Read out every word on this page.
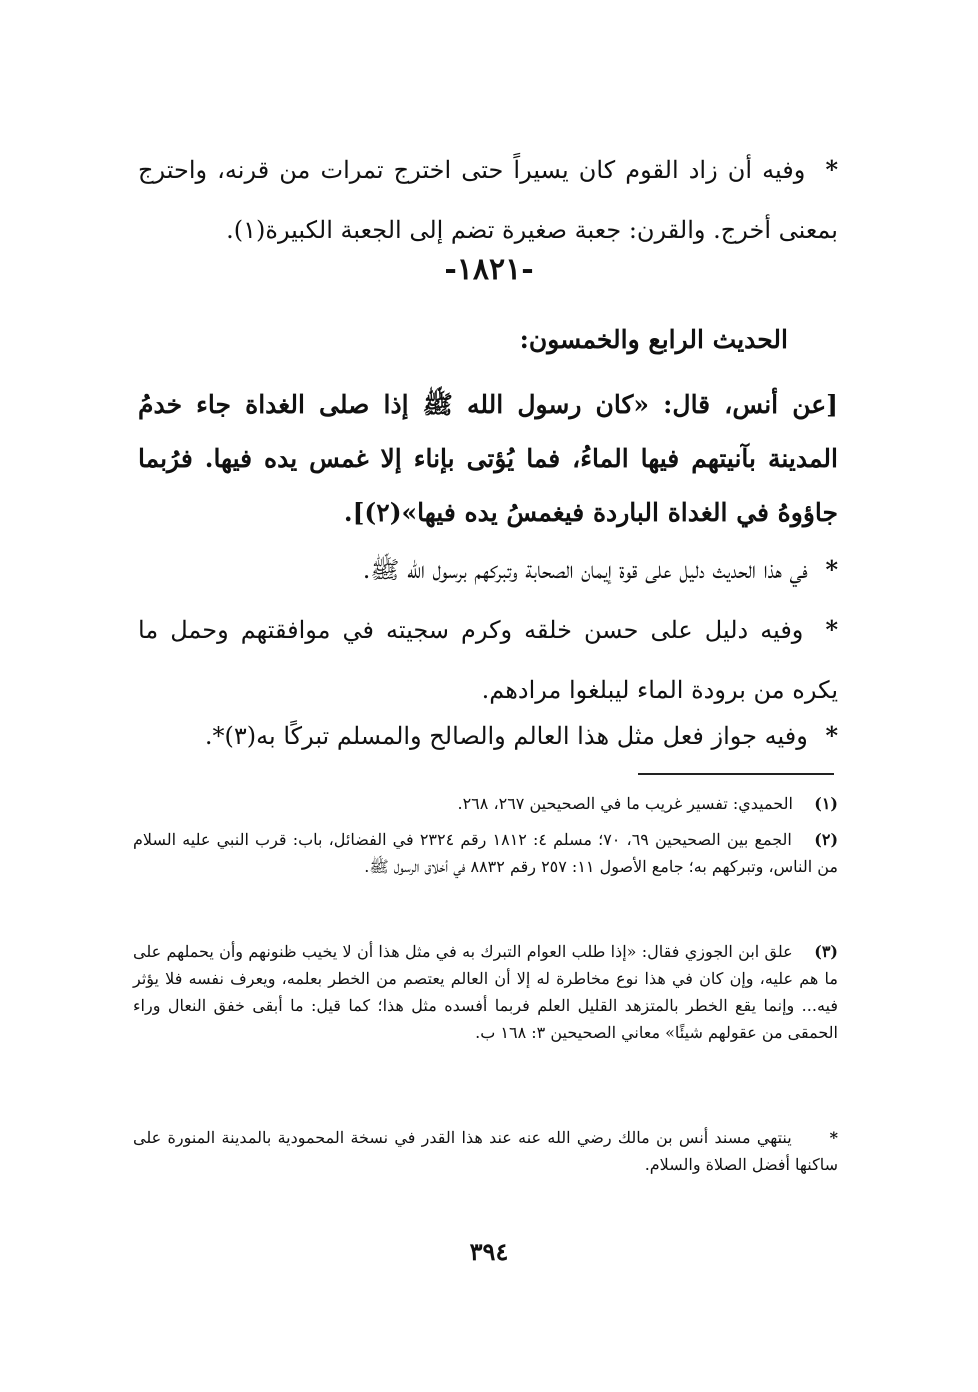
* وفيه أن زاد القوم كان يسيراً حتى اخترج تمرات من قرنه، واحترج بمعنى أخرج. والقرن: جعبة صغيرة تضم إلى الجعبة الكبيرة(١).
-١٨٢١-
الحديث الرابع والخمسون:
[عن أنس، قال: «كان رسول الله ﷺ إذا صلى الغداة جاء خدمُ المدينة بآنيتهم فيها الماءُ، فما يُؤتى بإناء إلا غمس يده فيها. فرُبما جاؤوهُ في الغداة الباردة فيغمسُ يده فيها»(٢)].
* في هذا الحديث دليل على قوة إيمان الصحابة وتبركهم برسول الله ﷺ.
* وفيه دليل على حسن خلقه وكرم سجيته في موافقتهم وحمل ما يكره من برودة الماء ليبلغوا مرادهم.
* وفيه جواز فعل مثل هذا العالم والصالح والمسلم تبركًا به(٣)*.
(١) الحميدي: تفسير غريب ما في الصحيحين ٢٦٧، ٢٦٨.
(٢) الجمع بين الصحيحين ٦٩، ٧٠؛ مسلم ٤: ١٨١٢ رقم ٢٣٢٤ في الفضائل، باب: قرب النبي عليه السلام من الناس، وتبركهم به؛ جامع الأصول ١١: ٢٥٧ رقم ٨٨٣٢ في أخلاق الرسول ﷺ.
(٣) علق ابن الجوزي فقال: «إذا طلب العوام التبرك به في مثل هذا أن لا يخيب ظنونهم وأن يحملهم على ما هم عليه، وإن كان في هذا نوع مخاطرة له إلا أن العالم يعتصم من الخطر بعلمه، ويعرف نفسه فلا يؤثر فيه... وإنما يقع الخطر بالمتزهد القليل العلم فربما أفسده مثل هذا؛ كما قيل: ما أبقى خفق النعال وراء الحمقى من عقولهم شيئًا» معاني الصحيحين ٣: ١٦٨ ب.
* ينتهي مسند أنس بن مالك رضي الله عنه عند هذا القدر في نسخة المحمودية بالمدينة المنورة على ساكنها أفضل الصلاة والسلام.
٣٩٤
